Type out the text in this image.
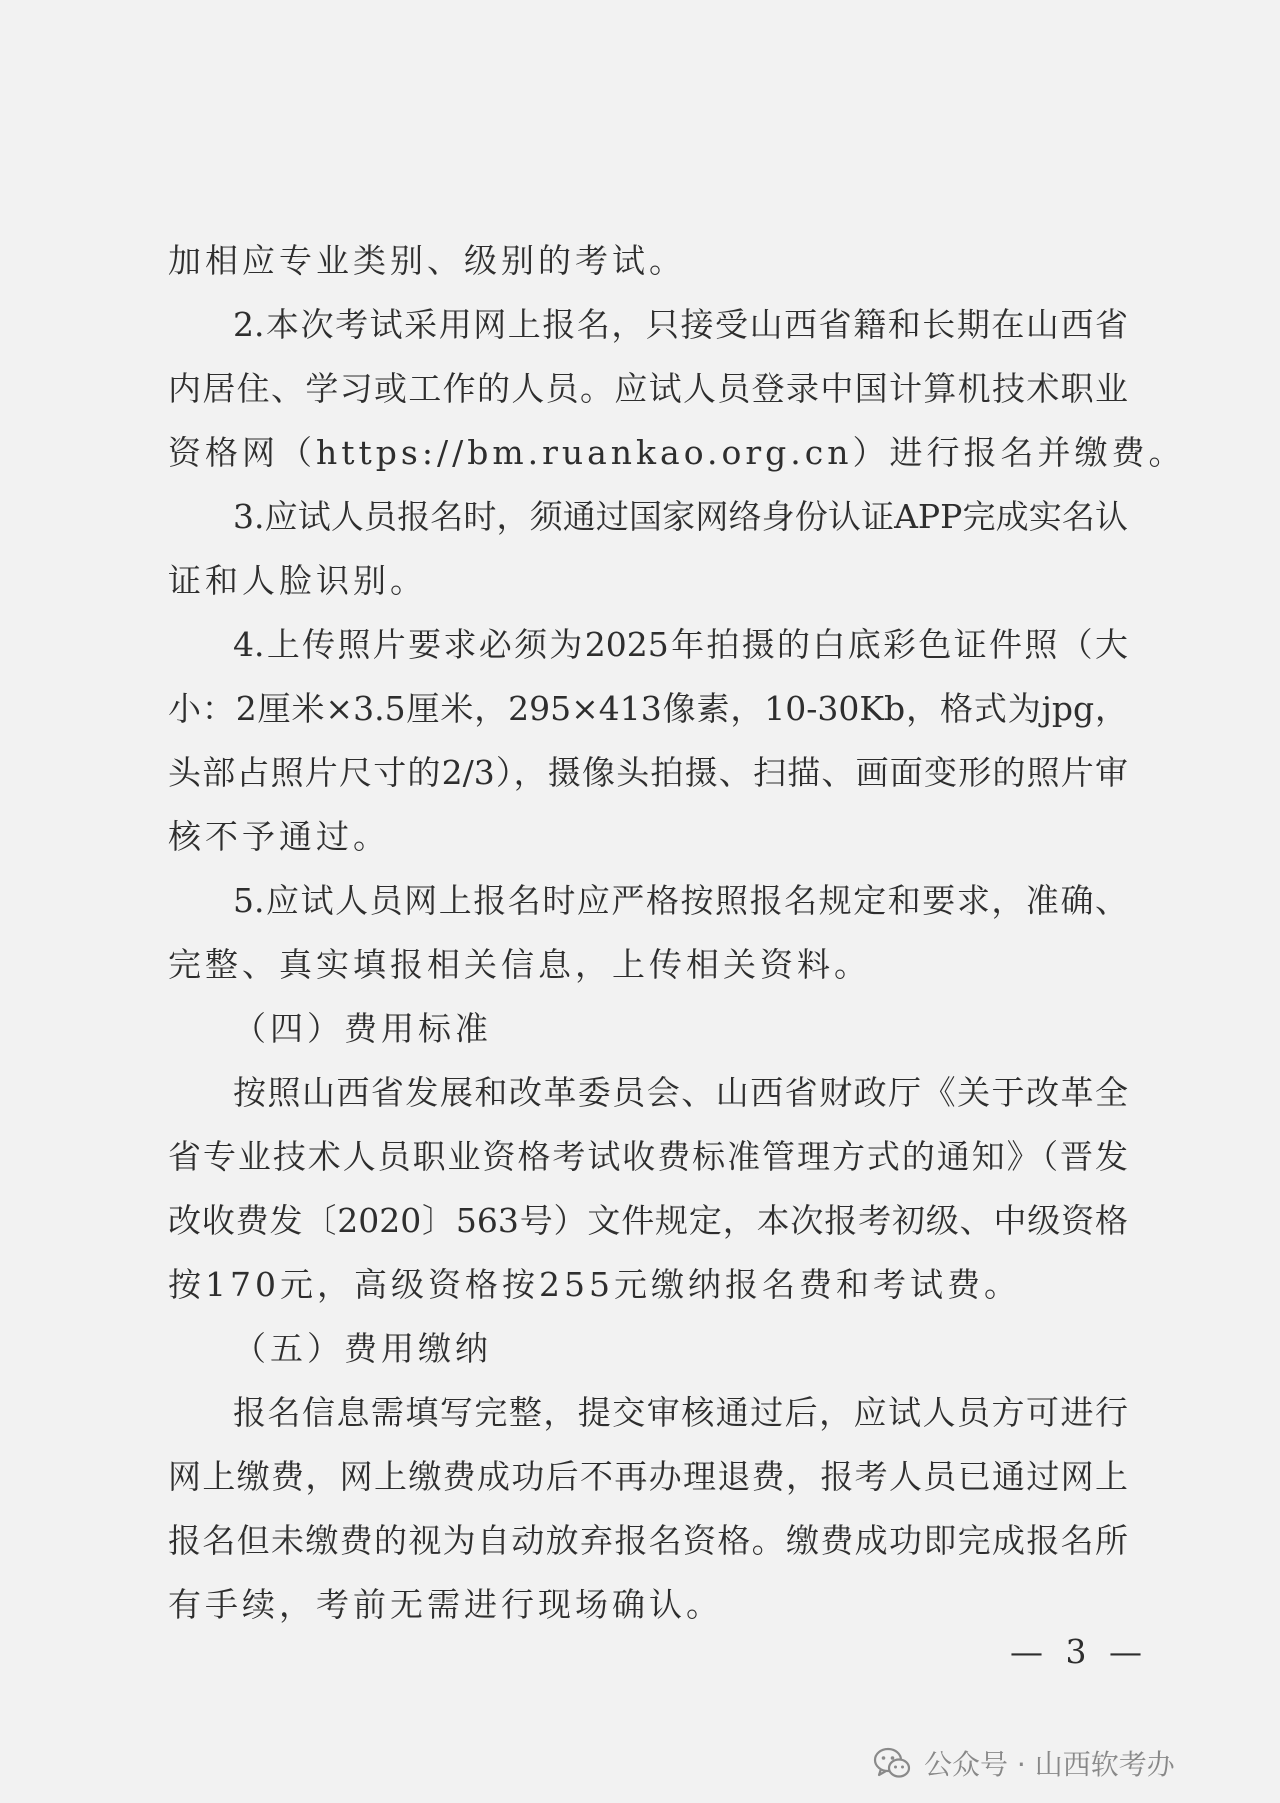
加相应专业类别、级别的考试。
2.本次考试采用网上报名，只接受山西省籍和长期在山西省
内居住、学习或工作的人员。应试人员登录中国计算机技术职业
资格网（https://bm.ruankao.org.cn）进行报名并缴费。
3.应试人员报名时，须通过国家网络身份认证APP完成实名认
证和人脸识别。
4.上传照片要求必须为2025年拍摄的白底彩色证件照（大
小：2厘米×3.5厘米，295×413像素，10-30Kb，格式为jpg，
头部占照片尺寸的2/3），摄像头拍摄、扫描、画面变形的照片审
核不予通过。
5.应试人员网上报名时应严格按照报名规定和要求，准确、
完整、真实填报相关信息，上传相关资料。
（四）费用标准
按照山西省发展和改革委员会、山西省财政厅《关于改革全
省专业技术人员职业资格考试收费标准管理方式的通知》（晋发
改收费发〔2020〕563号）文件规定，本次报考初级、中级资格
按170元，高级资格按255元缴纳报名费和考试费。
（五）费用缴纳
报名信息需填写完整，提交审核通过后，应试人员方可进行
网上缴费，网上缴费成功后不再办理退费，报考人员已通过网上
报名但未缴费的视为自动放弃报名资格。缴费成功即完成报名所
有手续，考前无需进行现场确认。
— 3 —
公众号 · 山西软考办
